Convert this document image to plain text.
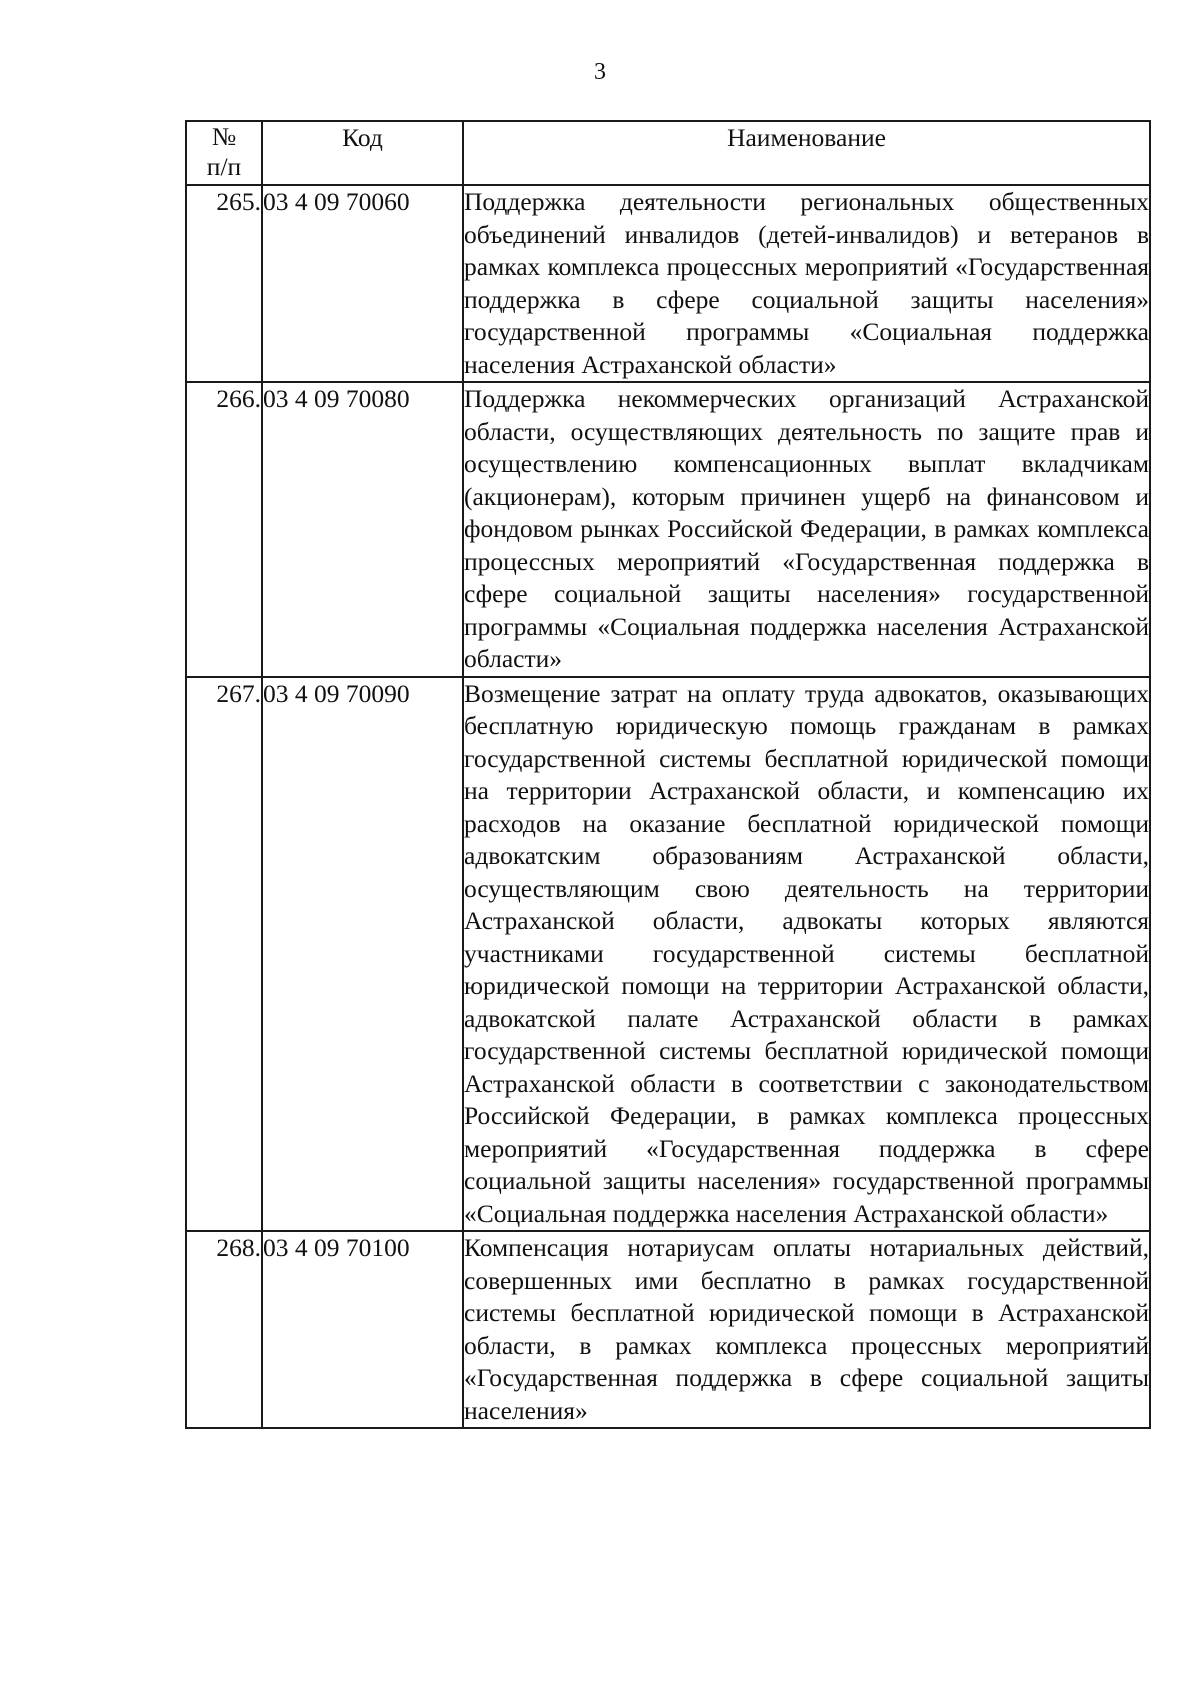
3
№
п/п	Код	Наименование
265.	03 4 09 70060	Поддержка деятельности региональных общественных объединений инвалидов (детей-инвалидов) и ветеранов в рамках комплекса процессных мероприятий «Государственная поддержка в сфере социальной защиты населения» государственной программы «Социальная поддержка населения Астраханской области»
266.	03 4 09 70080	Поддержка некоммерческих организаций Астраханской области, осуществляющих деятельность по защите прав и осуществлению компенсационных выплат вкладчикам (акционерам), которым причинен ущерб на финансовом и фондовом рынках Российской Федерации, в рамках комплекса процессных мероприятий «Государственная поддержка в сфере социальной защиты населения» государственной программы «Социальная поддержка населения Астраханской области»
267.	03 4 09 70090	Возмещение затрат на оплату труда адвокатов, оказывающих бесплатную юридическую помощь гражданам в рамках государственной системы бесплатной юридической помощи на территории Астраханской области, и компенсацию их расходов на оказание бесплатной юридической помощи адвокатским образованиям Астраханской области, осуществляющим свою деятельность на территории Астраханской области, адвокаты которых являются участниками государственной системы бесплатной юридической помощи на территории Астраханской области, адвокатской палате Астраханской области в рамках государственной системы бесплатной юридической помощи Астраханской области в соответствии с законодательством Российской Федерации, в рамках комплекса процессных мероприятий «Государственная поддержка в сфере социальной защиты населения» государственной программы «Социальная поддержка населения Астраханской области»
268.	03 4 09 70100	Компенсация нотариусам оплаты нотариальных действий, совершенных ими бесплатно в рамках государственной системы бесплатной юридической помощи в Астраханской области, в рамках комплекса процессных мероприятий «Государственная поддержка в сфере социальной защиты населения»
